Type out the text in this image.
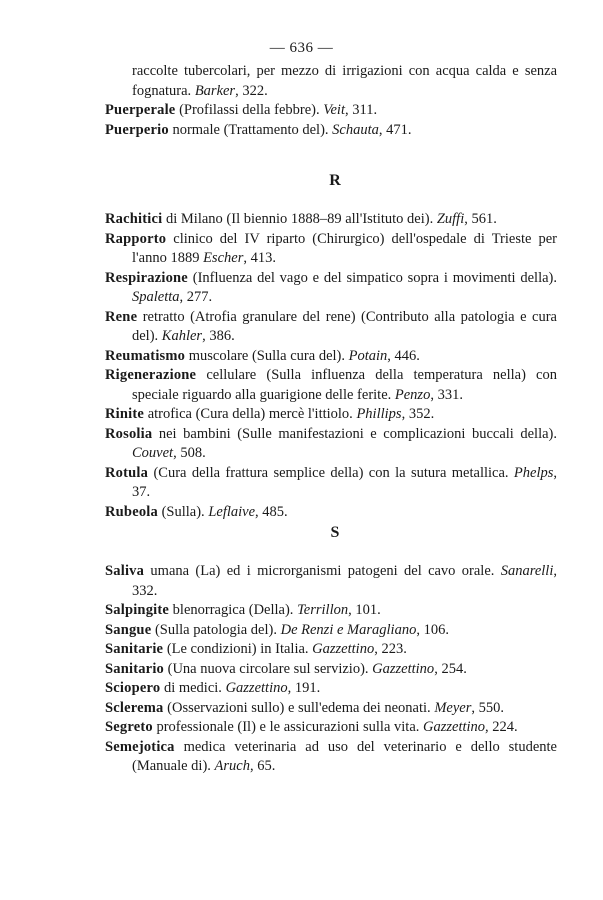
— 636 —

raccolte tubercolari, per mezzo di irrigazioni con acqua calda e senza fognatura. Barker, 322.

Puerperale (Profilassi della febbre). Veit, 311.

Puerperio normale (Trattamento del). Schauta, 471.

R

Rachitici di Milano (Il biennio 1888–89 all'Istituto dei). Zuffi, 561.

Rapporto clinico del IV riparto (Chirurgico) dell'ospedale di Trieste per l'anno 1889 Escher, 413.

Respirazione (Influenza del vago e del simpatico sopra i movimenti della). Spaletta, 277.

Rene retratto (Atrofia granulare del rene) (Contributo alla patologia e cura del). Kahler, 386.

Reumatismo muscolare (Sulla cura del). Potain, 446.

Rigenerazione cellulare (Sulla influenza della temperatura nella) con speciale riguardo alla guarigione delle ferite. Penzo, 331.

Rinite atrofica (Cura della) mercè l'ittiolo. Phillips, 352.

Rosolia nei bambini (Sulle manifestazioni e complicazioni buccali della). Couvet, 508.

Rotula (Cura della frattura semplice della) con la sutura metallica. Phelps, 37.

Rubeola (Sulla). Leflaive, 485.

S

Saliva umana (La) ed i microrganismi patogeni del cavo orale. Sanarelli, 332.

Salpingite blenorragica (Della). Terrillon, 101.

Sangue (Sulla patologia del). De Renzi e Maragliano, 106.

Sanitarie (Le condizioni) in Italia. Gazzettino, 223.

Sanitario (Una nuova circolare sul servizio). Gazzettino, 254.

Sciopero di medici. Gazzettino, 191.

Sclerema (Osservazioni sullo) e sull'edema dei neonati. Meyer, 550.

Segreto professionale (Il) e le assicurazioni sulla vita. Gazzettino, 224.

Semejotica medica veterinaria ad uso del veterinario e dello studente (Manuale di). Aruch, 65.
